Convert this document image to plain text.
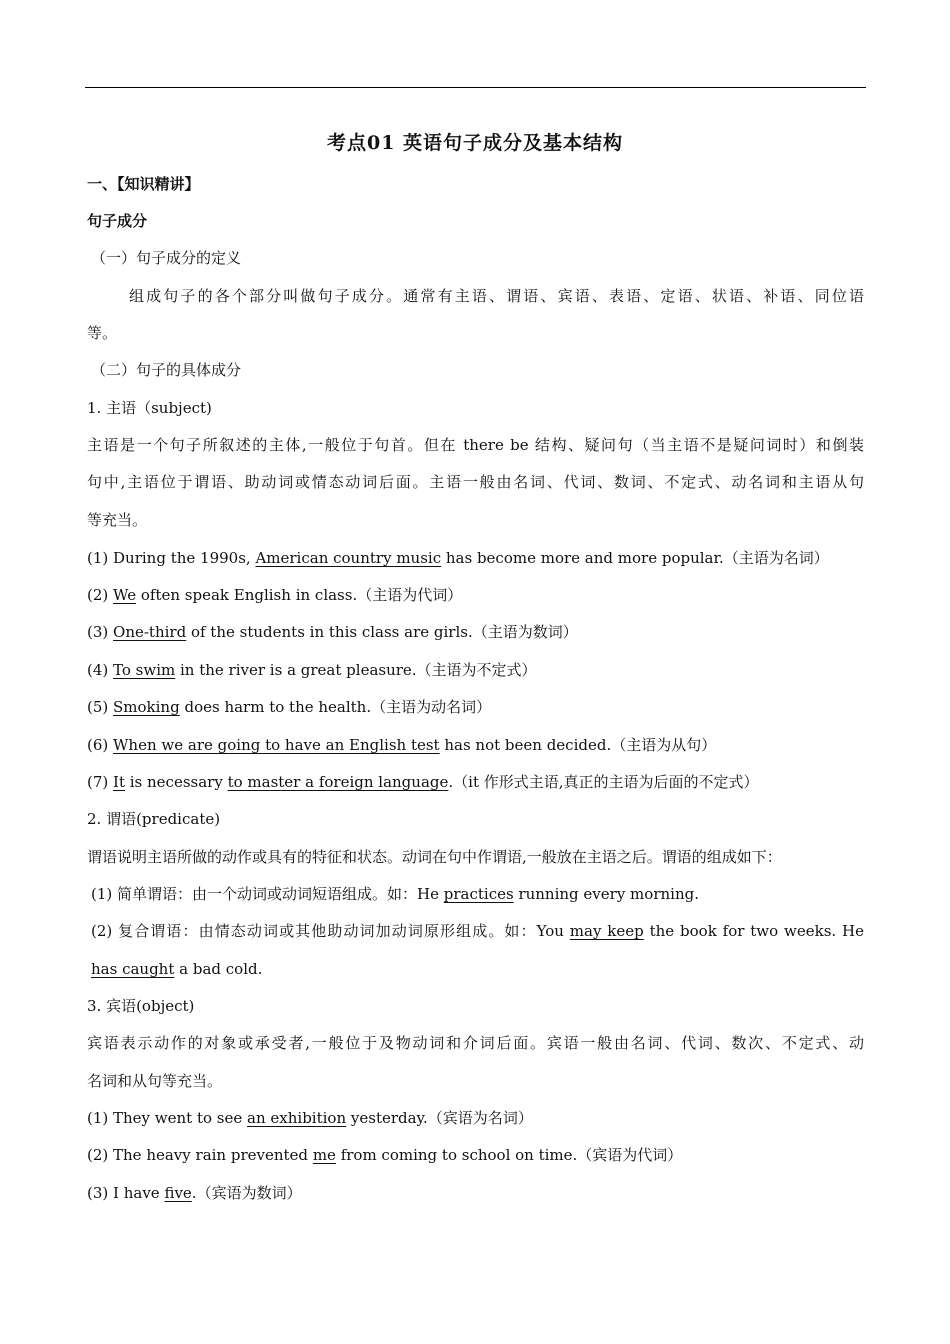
考点01 英语句子成分及基本结构
一、【知识精讲】
句子成分
（一）句子成分的定义
组成句子的各个部分叫做句子成分。通常有主语、谓语、宾语、表语、定语、状语、补语、同位语
等。
（二）句子的具体成分
1. 主语（subject)
主语是一个句子所叙述的主体,一般位于句首。但在 there be 结构、疑问句（当主语不是疑问词时）和倒装
句中,主语位于谓语、助动词或情态动词后面。主语一般由名词、代词、数词、不定式、动名词和主语从句
等充当。
(1) During the 1990s, American country music has become more and more popular.（主语为名词）
(2) We often speak English in class.（主语为代词）
(3) One-third of the students in this class are girls.（主语为数词）
(4) To swim in the river is a great pleasure.（主语为不定式）
(5) Smoking does harm to the health.（主语为动名词）
(6) When we are going to have an English test has not been decided.（主语为从句）
(7) It is necessary to master a foreign language.（it 作形式主语,真正的主语为后面的不定式）
2. 谓语(predicate)
谓语说明主语所做的动作或具有的特征和状态。动词在句中作谓语,一般放在主语之后。谓语的组成如下：
(1) 简单谓语：由一个动词或动词短语组成。如：He practices running every morning.
(2) 复合谓语：由情态动词或其他助动词加动词原形组成。如：You may keep the book for two weeks. He
has caught a bad cold.
3. 宾语(object)
宾语表示动作的对象或承受者,一般位于及物动词和介词后面。宾语一般由名词、代词、数次、不定式、动
名词和从句等充当。
(1) They went to see an exhibition yesterday.（宾语为名词）
(2) The heavy rain prevented me from coming to school on time.（宾语为代词）
(3) I have five.（宾语为数词）
